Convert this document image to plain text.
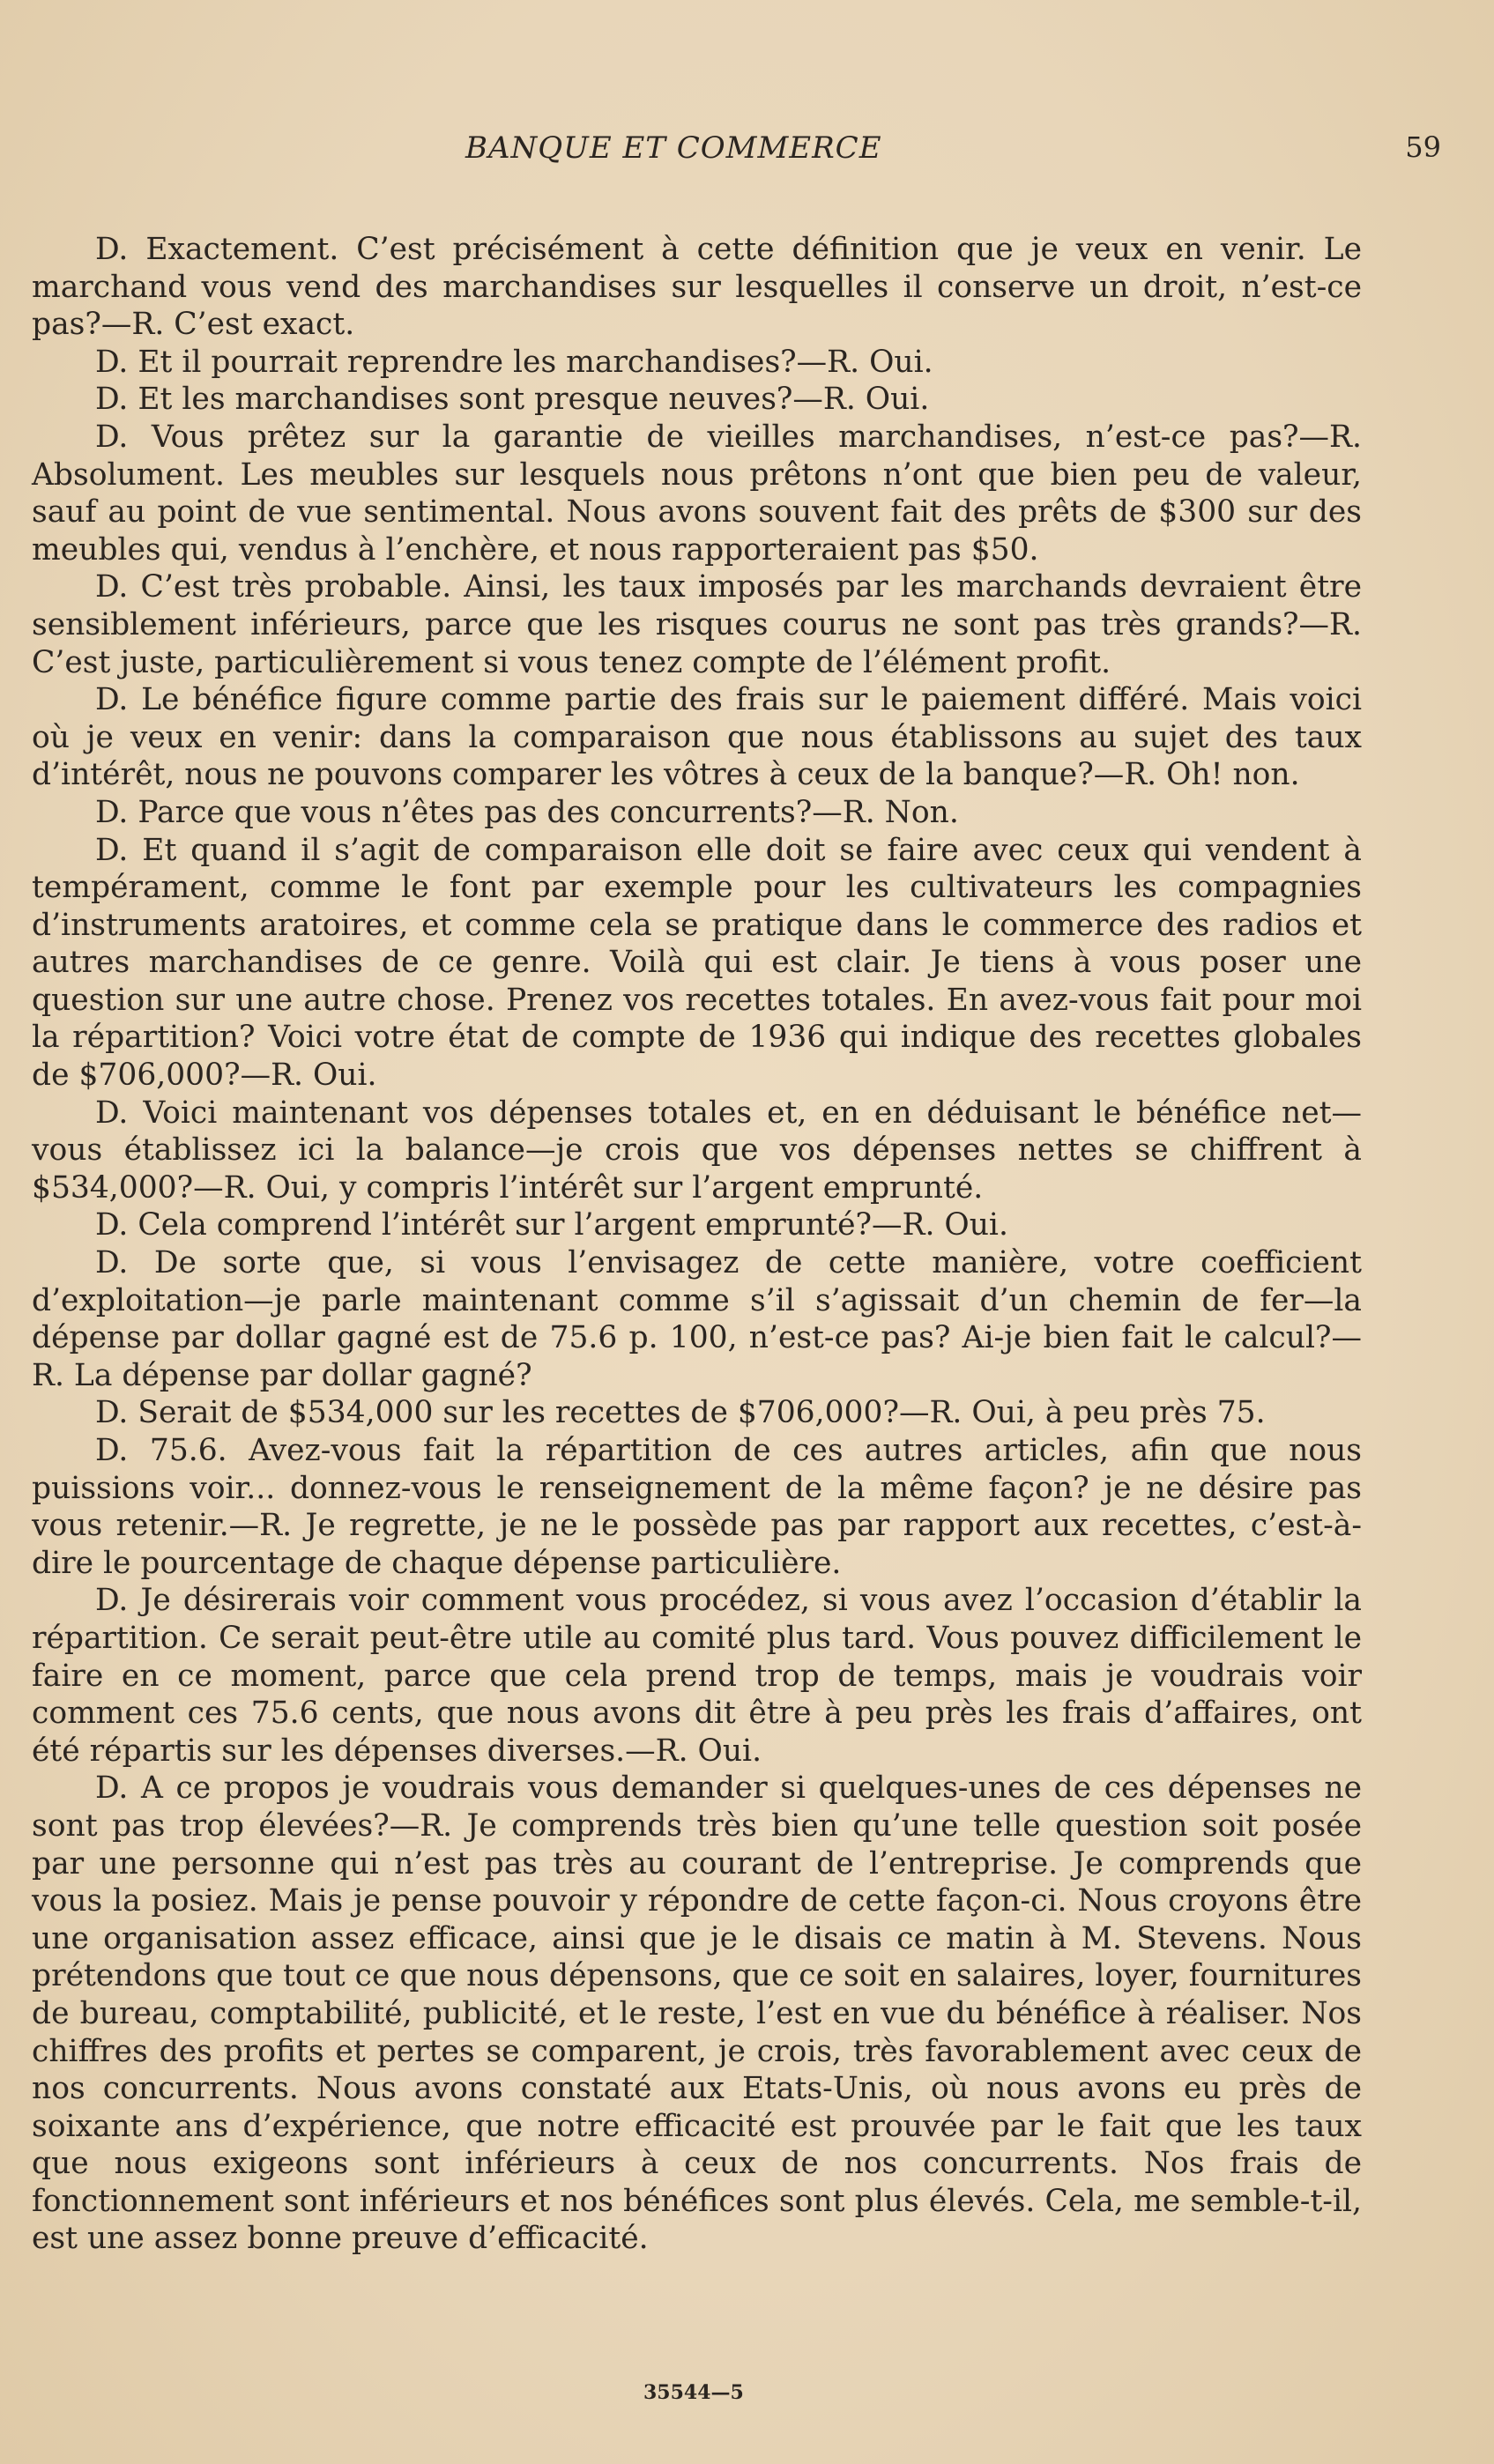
BANQUE ET COMMERCE	59

D. Exactement. C’est précisément à cette définition que je veux en venir. Le marchand vous vend des marchandises sur lesquelles il conserve un droit, n’est-ce pas?—R. C’est exact.

D. Et il pourrait reprendre les marchandises?—R. Oui.

D. Et les marchandises sont presque neuves?—R. Oui.

D. Vous prêtez sur la garantie de vieilles marchandises, n’est-ce pas?—R. Absolument. Les meubles sur lesquels nous prêtons n’ont que bien peu de valeur, sauf au point de vue sentimental. Nous avons souvent fait des prêts de $300 sur des meubles qui, vendus à l’enchère, et nous rapporteraient pas $50.

D. C’est très probable. Ainsi, les taux imposés par les marchands devraient être sensiblement inférieurs, parce que les risques courus ne sont pas très grands?—R. C’est juste, particulièrement si vous tenez compte de l’élément profit.

D. Le bénéfice figure comme partie des frais sur le paiement différé. Mais voici où je veux en venir: dans la comparaison que nous établissons au sujet des taux d’intérêt, nous ne pouvons comparer les vôtres à ceux de la banque?—R. Oh! non.

D. Parce que vous n’êtes pas des concurrents?—R. Non.

D. Et quand il s’agit de comparaison elle doit se faire avec ceux qui vendent à tempérament, comme le font par exemple pour les cultivateurs les compagnies d’instruments aratoires, et comme cela se pratique dans le commerce des radios et autres marchandises de ce genre. Voilà qui est clair. Je tiens à vous poser une question sur une autre chose. Prenez vos recettes totales. En avez-vous fait pour moi la répartition? Voici votre état de compte de 1936 qui indique des recettes globales de $706,000?—R. Oui.

D. Voici maintenant vos dépenses totales et, en en déduisant le bénéfice net—vous établissez ici la balance—je crois que vos dépenses nettes se chiffrent à $534,000?—R. Oui, y compris l’intérêt sur l’argent emprunté.

D. Cela comprend l’intérêt sur l’argent emprunté?—R. Oui.

D. De sorte que, si vous l’envisagez de cette manière, votre coefficient d’exploitation—je parle maintenant comme s’il s’agissait d’un chemin de fer—la dépense par dollar gagné est de 75.6 p. 100, n’est-ce pas? Ai-je bien fait le calcul?—R. La dépense par dollar gagné?

D. Serait de $534,000 sur les recettes de $706,000?—R. Oui, à peu près 75.

D. 75.6. Avez-vous fait la répartition de ces autres articles, afin que nous puissions voir... donnez-vous le renseignement de la même façon? je ne désire pas vous retenir.—R. Je regrette, je ne le possède pas par rapport aux recettes, c’est-à-dire le pourcentage de chaque dépense particulière.

D. Je désirerais voir comment vous procédez, si vous avez l’occasion d’établir la répartition. Ce serait peut-être utile au comité plus tard. Vous pouvez difficilement le faire en ce moment, parce que cela prend trop de temps, mais je voudrais voir comment ces 75.6 cents, que nous avons dit être à peu près les frais d’affaires, ont été répartis sur les dépenses diverses.—R. Oui.

D. A ce propos je voudrais vous demander si quelques-unes de ces dépenses ne sont pas trop élevées?—R. Je comprends très bien qu’une telle question soit posée par une personne qui n’est pas très au courant de l’entreprise. Je comprends que vous la posiez. Mais je pense pouvoir y répondre de cette façon-ci. Nous croyons être une organisation assez efficace, ainsi que je le disais ce matin à M. Stevens. Nous prétendons que tout ce que nous dépensons, que ce soit en salaires, loyer, fournitures de bureau, comptabilité, publicité, et le reste, l’est en vue du bénéfice à réaliser. Nos chiffres des profits et pertes se comparent, je crois, très favorablement avec ceux de nos concurrents. Nous avons constaté aux Etats-Unis, où nous avons eu près de soixante ans d’expérience, que notre efficacité est prouvée par le fait que les taux que nous exigeons sont inférieurs à ceux de nos concurrents. Nos frais de fonctionnement sont inférieurs et nos bénéfices sont plus élevés. Cela, me semble-t-il, est une assez bonne preuve d’efficacité.

35544—5
